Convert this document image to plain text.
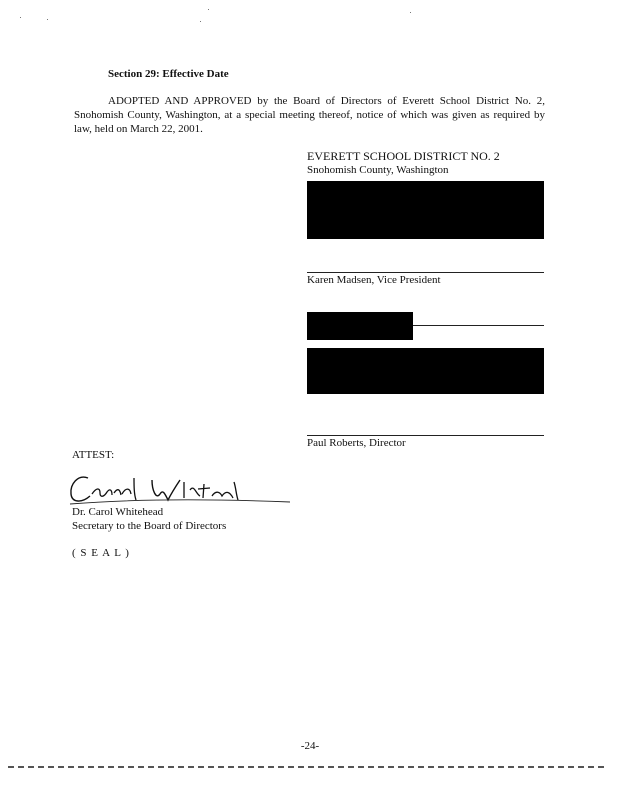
Section 29: Effective Date
ADOPTED AND APPROVED by the Board of Directors of Everett School District No. 2, Snohomish County, Washington, at a special meeting thereof, notice of which was given as required by law, held on March 22, 2001.
EVERETT SCHOOL DISTRICT NO. 2
Snohomish County, Washington
Karen Madsen, Vice President
Paul Roberts, Director
ATTEST:
Dr. Carol Whitehead
Secretary to the Board of Directors
( S E A L )
-24-
